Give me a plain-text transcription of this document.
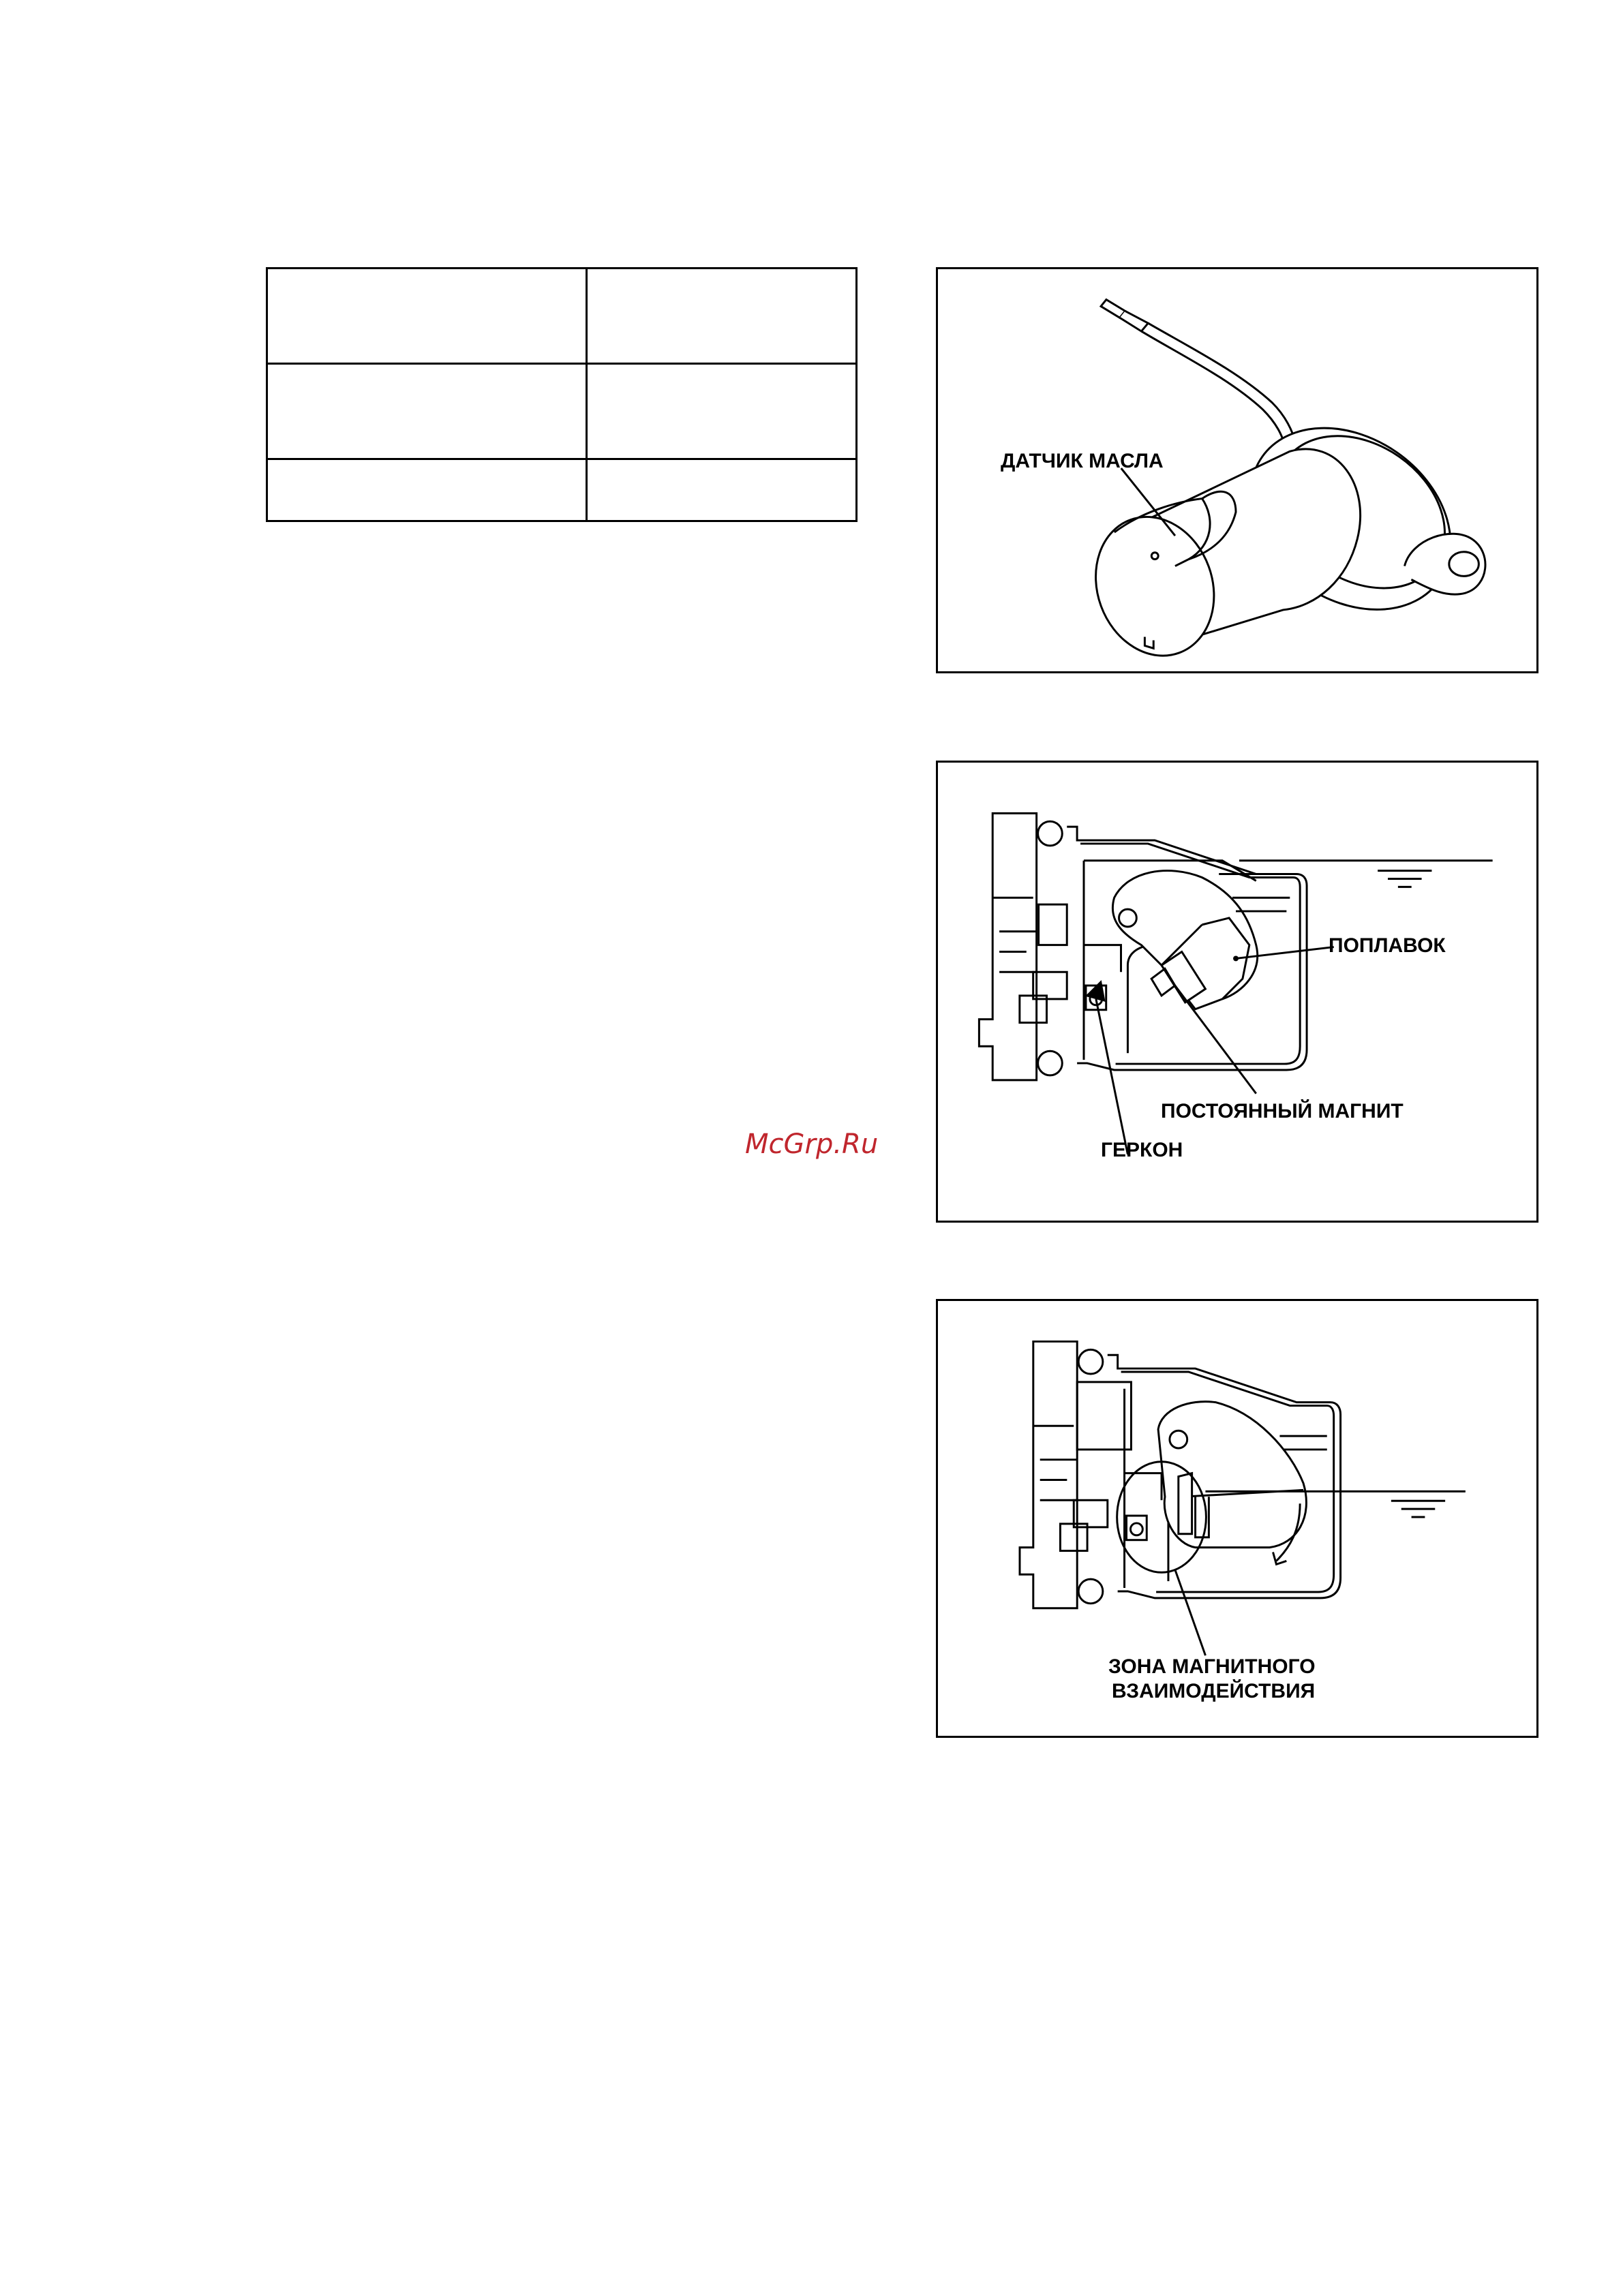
ДАТЧИК МАСЛА
ПОПЛАВОК
ПОСТОЯННЫЙ МАГНИТ
ГЕРКОН
ЗОНА МАГНИТНОГО
ВЗАИМОДЕЙСТВИЯ
McGrp.Ru
